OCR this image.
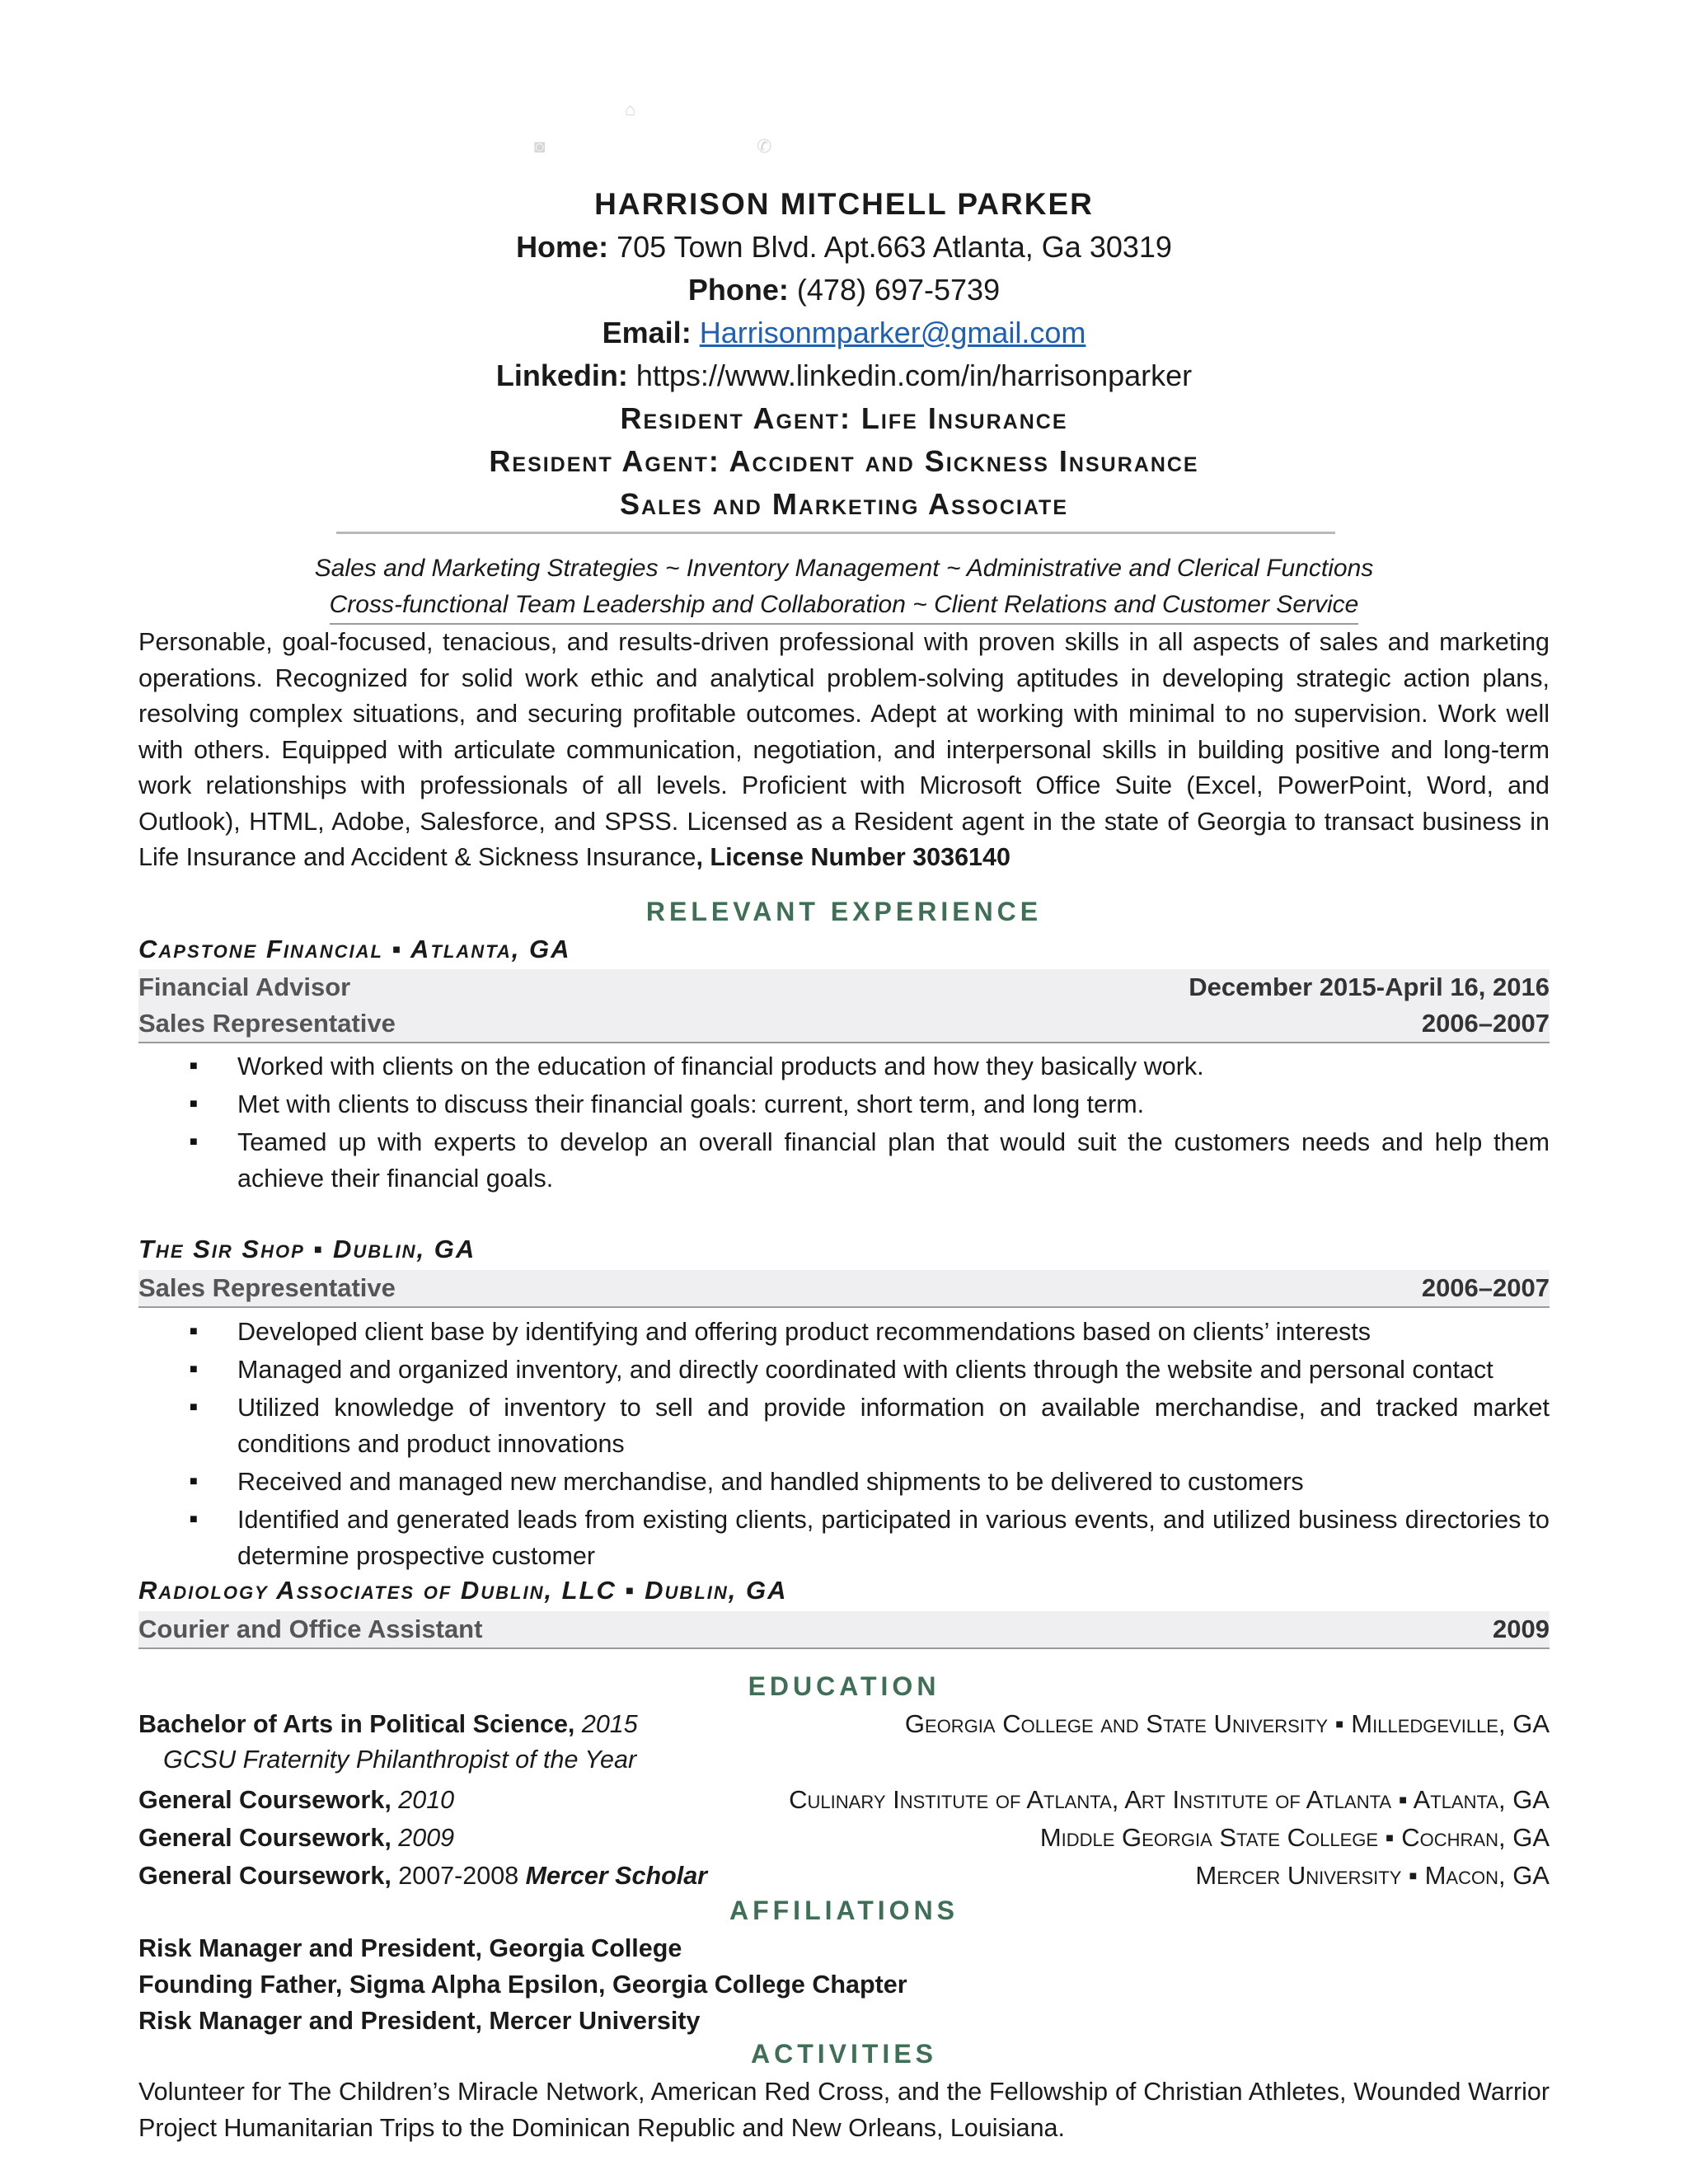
⌂
◙	✆
HARRISON MITCHELL PARKER
Home: 705 Town Blvd. Apt.663 Atlanta, Ga 30319
Phone: (478) 697-5739
Email: Harrisonmparker@gmail.com
Linkedin: https://www.linkedin.com/in/harrisonparker
Resident Agent: Life Insurance
Resident Agent: Accident and Sickness Insurance
Sales and Marketing Associate
Sales and Marketing Strategies ~ Inventory Management ~ Administrative and Clerical Functions
Cross-functional Team Leadership and Collaboration ~ Client Relations and Customer Service
Personable, goal-focused, tenacious, and results-driven professional with proven skills in all aspects of sales and marketing operations. Recognized for solid work ethic and analytical problem-solving aptitudes in developing strategic action plans, resolving complex situations, and securing profitable outcomes. Adept at working with minimal to no supervision. Work well with others. Equipped with articulate communication, negotiation, and interpersonal skills in building positive and long-term work relationships with professionals of all levels. Proficient with Microsoft Office Suite (Excel, PowerPoint, Word, and Outlook), HTML, Adobe, Salesforce, and SPSS. Licensed as a Resident agent in the state of Georgia to transact business in Life Insurance and Accident & Sickness Insurance, License Number 3036140
RELEVANT EXPERIENCE
Capstone Financial ▪ Atlanta, GA
Financial Advisor	December 2015-April 16, 2016
Sales Representative	2006–2007
■ Worked with clients on the education of financial products and how they basically work.
■ Met with clients to discuss their financial goals: current, short term, and long term.
■ Teamed up with experts to develop an overall financial plan that would suit the customers needs and help them achieve their financial goals.
The Sir Shop ▪ Dublin, GA
Sales Representative	2006–2007
■ Developed client base by identifying and offering product recommendations based on clients’ interests
■ Managed and organized inventory, and directly coordinated with clients through the website and personal contact
■ Utilized knowledge of inventory to sell and provide information on available merchandise, and tracked market conditions and product innovations
■ Received and managed new merchandise, and handled shipments to be delivered to customers
■ Identified and generated leads from existing clients, participated in various events, and utilized business directories to determine prospective customer
Radiology Associates of Dublin, LLC ▪ Dublin, GA
Courier and Office Assistant	2009
EDUCATION
Bachelor of Arts in Political Science, 2015	Georgia College and State University ▪ Milledgeville, GA
GCSU Fraternity Philanthropist of the Year
General Coursework, 2010	Culinary Institute of Atlanta, Art Institute of Atlanta ▪ Atlanta, GA
General Coursework, 2009	Middle Georgia State College ▪ Cochran, GA
General Coursework, 2007-2008 Mercer Scholar	Mercer University ▪ Macon, GA
AFFILIATIONS
Risk Manager and President, Georgia College
Founding Father, Sigma Alpha Epsilon, Georgia College Chapter
Risk Manager and President, Mercer University
ACTIVITIES
Volunteer for The Children’s Miracle Network, American Red Cross, and the Fellowship of Christian Athletes, Wounded Warrior Project Humanitarian Trips to the Dominican Republic and New Orleans, Louisiana.
